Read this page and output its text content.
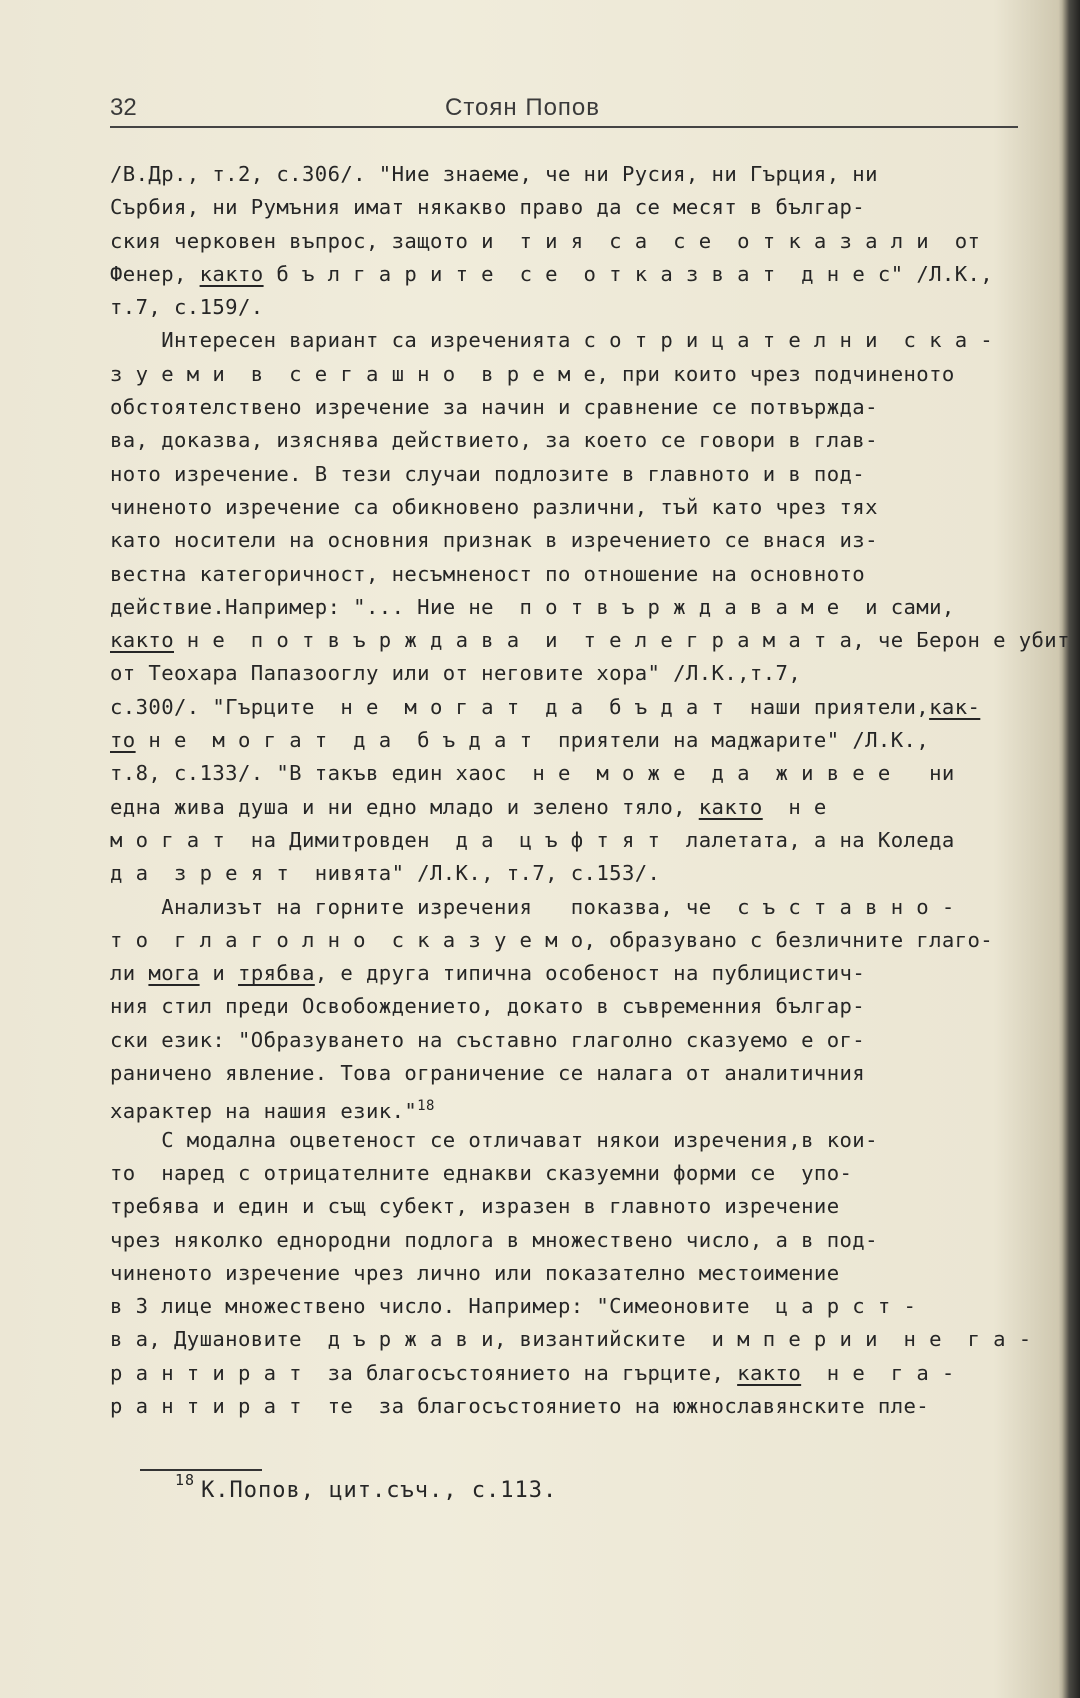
32	Стоян Попов
/В.Др., т.2, с.306/. "Ние знаеме, че ни Русия, ни Гърция, ни
Сърбия, ни Румъния имат някакво право да се месят в българ-
ския черковен въпрос, защото и  т и я  с а  с е  о т к а з а л и  от
Фенер, както б ъ л г а р и т е  с е  о т к а з в а т  д н е с" /Л.К.,
т.7, с.159/.
Интересен вариант са изреченията с о т р и ц а т е л н и  с к а -
з у е м и  в  с е г а ш н о  в р е м е, при които чрез подчиненото
обстоятелствено изречение за начин и сравнение се потвържда-
ва, доказва, изяснява действието, за което се говори в глав-
ното изречение. В тези случаи подлозите в главното и в под-
чиненото изречение са обикновено различни, тъй като чрез тях
като носители на основния признак в изречението се внася из-
вестна категоричност, несъмненост по отношение на основното
действие.Например: "... Ние не  п о т в ъ р ж д а в а м е  и сами,
както н е  п о т в ъ р ж д а в а  и  т е л е г р а м а т а, че Берон е убит
от Теохара Папазооглу или от неговите хора" /Л.К.,т.7,
с.300/. "Гърците  н е  м о г а т  д а  б ъ д а т  наши приятели,как-
то н е  м о г а т  д а  б ъ д а т  приятели на маджарите" /Л.К.,
т.8, с.133/. "В такъв един хаос  н е  м о ж е  д а  ж и в е е   ни
една жива душа и ни едно младо и зелено тяло, както  н е
м о г а т  на Димитровден  д а  ц ъ ф т я т  лалетата, а на Коледа
д а  з р е я т  нивята" /Л.К., т.7, с.153/.
Анализът на горните изречения   показва, че  с ъ с т а в н о -
т о  г л а г о л н о  с к а з у е м о, образувано с безличните глаго-
ли мога и трябва, е друга типична особеност на публицистич-
ния стил преди Освобождението, докато в съвременния българ-
ски език: "Образуването на съставно глаголно сказуемо е ог-
раничено явление. Това ограничение се налага от аналитичния
характер на нашия език."$^{18}$
С модална оцветеност се отличават някои изречения,в кои-
то  наред с отрицателните еднакви сказуемни форми се  упо-
требява и един и същ субект, изразен в главното изречение
чрез няколко еднородни подлога в множествено число, а в под-
чиненото изречение чрез лично или показателно местоимение
в 3 лице множествено число. Например: "Симеоновите  ц а р с т -
в а, Душановите  д ъ р ж а в и, византийските  и м п е р и и  н е  г а -
р а н т и р а т  за благосъстоянието на гърците, както  н е  г а -
р а н т и р а т  те  за благосъстоянието на южнославянските пле-
$^{18}$ К.Попов, цит.съч., с.113.
